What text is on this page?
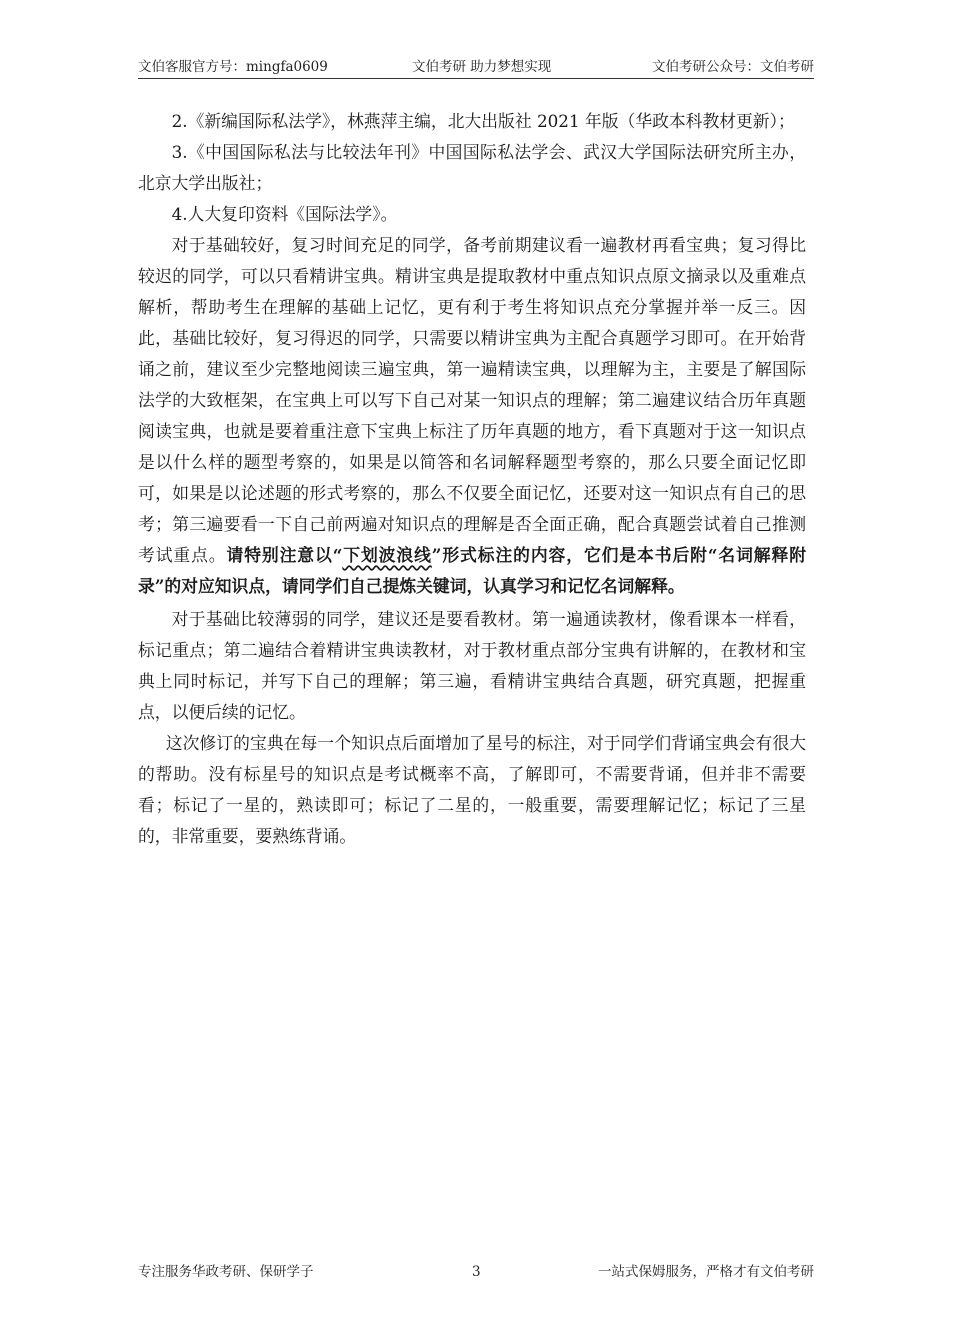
文伯客服官方号：mingfa0609	文伯考研 助力梦想实现	文伯考研公众号：文伯考研

2.《新编国际私法学》，林燕萍主编，北大出版社 2021 年版（华政本科教材更新）；

3.《中国国际私法与比较法年刊》中国国际私法学会、武汉大学国际法研究所主办，北京大学出版社；

4.人大复印资料《国际法学》。

对于基础较好，复习时间充足的同学，备考前期建议看一遍教材再看宝典；复习得比较迟的同学，可以只看精讲宝典。精讲宝典是提取教材中重点知识点原文摘录以及重难点解析，帮助考生在理解的基础上记忆，更有利于考生将知识点充分掌握并举一反三。因此，基础比较好，复习得迟的同学，只需要以精讲宝典为主配合真题学习即可。在开始背诵之前，建议至少完整地阅读三遍宝典，第一遍精读宝典，以理解为主，主要是了解国际法学的大致框架，在宝典上可以写下自己对某一知识点的理解；第二遍建议结合历年真题阅读宝典，也就是要着重注意下宝典上标注了历年真题的地方，看下真题对于这一知识点是以什么样的题型考察的，如果是以简答和名词解释题型考察的，那么只要全面记忆即可，如果是以论述题的形式考察的，那么不仅要全面记忆，还要对这一知识点有自己的思考；第三遍要看一下自己前两遍对知识点的理解是否全面正确，配合真题尝试着自己推测考试重点。请特别注意以“下划波浪线”形式标注的内容，它们是本书后附“名词解释附录”的对应知识点，请同学们自己提炼关键词，认真学习和记忆名词解释。

对于基础比较薄弱的同学，建议还是要看教材。第一遍通读教材，像看课本一样看，标记重点；第二遍结合着精讲宝典读教材，对于教材重点部分宝典有讲解的，在教材和宝典上同时标记，并写下自己的理解；第三遍，看精讲宝典结合真题，研究真题，把握重点，以便后续的记忆。

这次修订的宝典在每一个知识点后面增加了星号的标注，对于同学们背诵宝典会有很大的帮助。没有标星号的知识点是考试概率不高，了解即可，不需要背诵，但并非不需要看；标记了一星的，熟读即可；标记了二星的，一般重要，需要理解记忆；标记了三星的，非常重要，要熟练背诵。

专注服务华政考研、保研学子	3	一站式保姆服务，严格才有文伯考研
